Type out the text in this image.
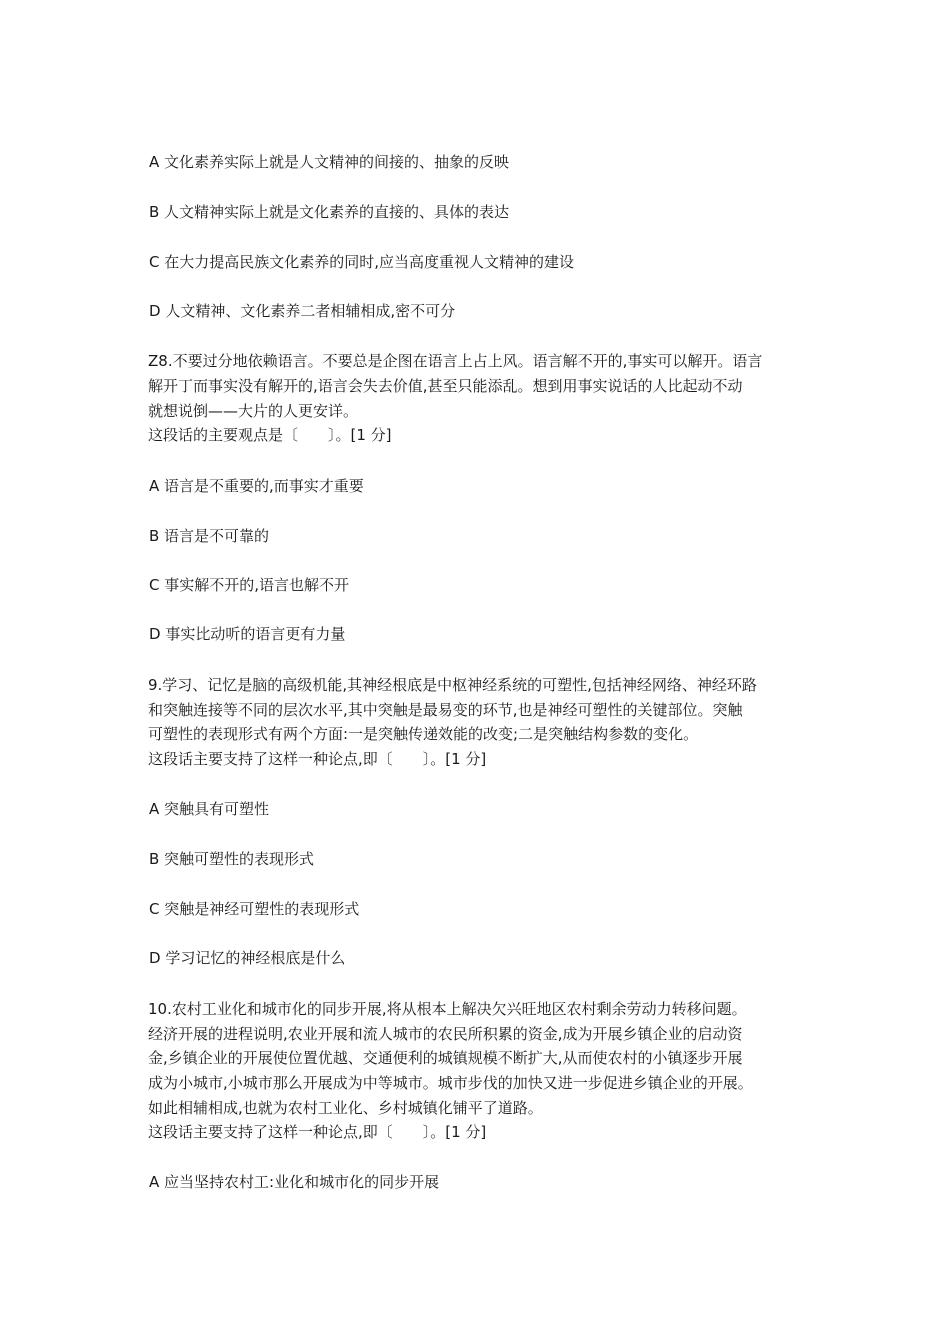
A 文化素养实际上就是人文精神的间接的、抽象的反映
B 人文精神实际上就是文化素养的直接的、具体的表达
C 在大力提高民族文化素养的同时,应当高度重视人文精神的建设
D 人文精神、文化素养二者相辅相成,密不可分
Z8.不要过分地依赖语言。不要总是企图在语言上占上风。语言解不开的,事实可以解开。语言
解开丁而事实没有解开的,语言会失去价值,甚至只能添乱。想到用事实说话的人比起动不动
就想说倒——大片的人更安详。
这段话的主要观点是〔　　〕。[1 分]
A 语言是不重要的,而事实才重要
B 语言是不可靠的
C 事实解不开的,语言也解不开
D 事实比动听的语言更有力量
9.学习、记忆是脑的高级机能,其神经根底是中枢神经系统的可塑性,包括神经网络、神经环路
和突触连接等不同的层次水平,其中突触是最易变的环节,也是神经可塑性的关键部位。突触
可塑性的表现形式有两个方面:一是突触传递效能的改变;二是突触结构参数的变化。
这段话主要支持了这样一种论点,即〔　　〕。[1 分]
A 突触具有可塑性
B 突触可塑性的表现形式
C 突触是神经可塑性的表现形式
D 学习记忆的神经根底是什么
10.农村工业化和城市化的同步开展,将从根本上解决欠兴旺地区农村剩余劳动力转移问题。
经济开展的进程说明,农业开展和流人城市的农民所积累的资金,成为开展乡镇企业的启动资
金,乡镇企业的开展使位置优越、交通便利的城镇规模不断扩大,从而使农村的小镇逐步开展
成为小城市,小城市那么开展成为中等城市。城市步伐的加快又进一步促进乡镇企业的开展。
如此相辅相成,也就为农村工业化、乡村城镇化铺平了道路。
这段话主要支持了这样一种论点,即〔　　〕。[1 分]
A 应当坚持农村工:业化和城市化的同步开展
